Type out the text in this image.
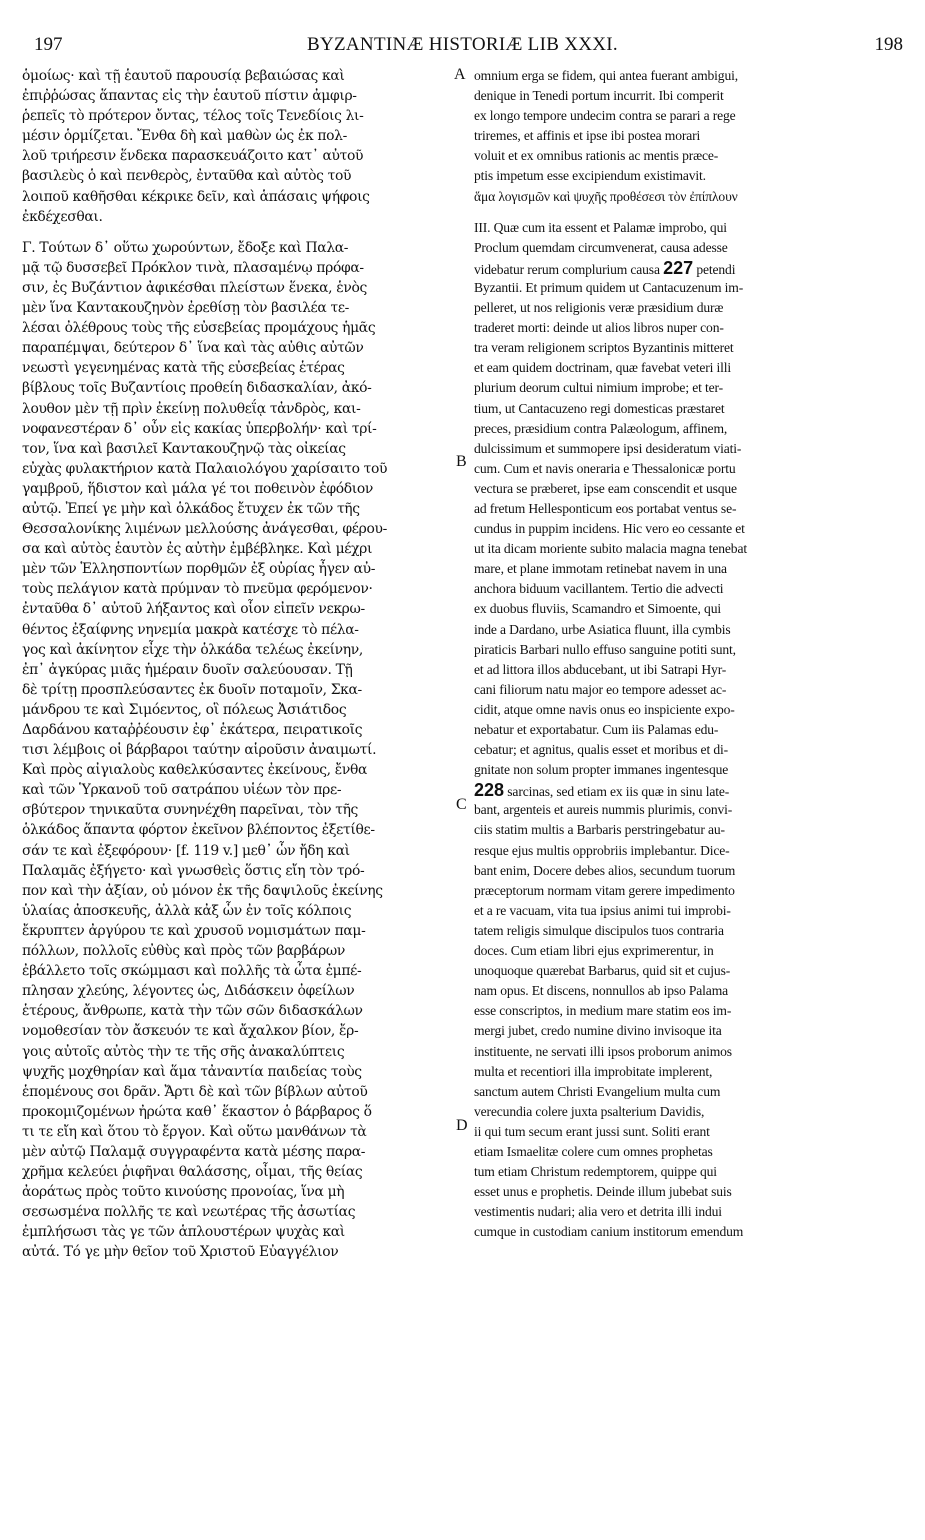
197	BYZANTINÆ HISTORIÆ LIB XXXI.	198
ὁμοίως· καὶ τῇ ἑαυτοῦ παρουσίᾳ βεβαιώσας καὶ
ἐπιῤῥώσας ἅπαντας εἰς τὴν ἑαυτοῦ πίστιν ἀμφιρ-
ῥεπεῖς τὸ πρότερον ὄντας, τέλος τοῖς Τενεδίοις λι-
μέσιν ὁρμίζεται. Ἔνθα δὴ καὶ μαθὼν ὡς ἐκ πολ-
λοῦ τριήρεσιν ἕνδεκα παρασκευάζοιτο κατ᾽ αὐτοῦ
βασιλεὺς ὁ καὶ πενθερὸς, ἐνταῦθα καὶ αὐτὸς τοῦ
λοιποῦ καθῆσθαι κέκρικε δεῖν, καὶ ἁπάσαις ψήφοις
ἐκδέχεσθαι.
Γ. Τούτων δ᾽ οὕτω χωρούντων, ἔδοξε καὶ Παλα-
μᾷ τῷ δυσσεβεῖ Πρόκλον τινὰ, πλασαμένῳ πρόφα-
σιν, ἐς Βυζάντιον ἀφικέσθαι πλείστων ἕνεκα, ἑνὸς
μὲν ἵνα Καντακουζηνὸν ἐρεθίσῃ τὸν βασιλέα τε-
λέσαι ὀλέθρους τοὺς τῆς εὐσεβείας προμάχους ἡμᾶς
παραπέμψαι, δεύτερον δ᾽ ἵνα καὶ τὰς αὐθις αὐτῶν
νεωστὶ γεγενημένας κατὰ τῆς εὐσεβείας ἑτέρας
βίβλους τοῖς Βυζαντίοις προθείη διδασκαλίαν, ἀκό-
λουθον μὲν τῇ πρὶν ἐκείνῃ πολυθεΐᾳ τἀνδρὸς, και-
νοφανεστέραν δ᾽ οὖν εἰς κακίας ὑπερβολήν· καὶ τρί-
τον, ἵνα καὶ βασιλεῖ Καντακουζηνῷ τὰς οἰκείας
εὐχὰς φυλακτήριον κατὰ Παλαιολόγου χαρίσαιτο τοῦ
γαμβροῦ, ἥδιστον καὶ μάλα γέ τοι ποθεινὸν ἐφόδιον
αὐτῷ. Ἐπεί γε μὴν καὶ ὁλκάδος ἔτυχεν ἐκ τῶν τῆς
Θεσσαλονίκης λιμένων μελλούσης ἀνάγεσθαι, φέρου-
σα καὶ αὐτὸς ἑαυτὸν ἐς αὐτὴν ἐμβέβληκε. Καὶ μέχρι
μὲν τῶν Ἑλλησποντίων πορθμῶν ἐξ οὐρίας ἦγεν αὐ-
τοὺς πελάγιον κατὰ πρύμναν τὸ πνεῦμα φερόμενον·
ἐνταῦθα δ᾽ αὐτοῦ λήξαντος καὶ οἷον εἰπεῖν νεκρω-
θέντος ἐξαίφνης νηνεμία μακρὰ κατέσχε τὸ πέλα-
γος καὶ ἀκίνητον εἶχε τὴν ὁλκάδα τελέως ἐκείνην,
ἐπ᾽ ἀγκύρας μιᾶς ἡμέραιν δυοῖν σαλεύουσαν. Τῇ
δὲ τρίτῃ προσπλεύσαντες ἐκ δυοῖν ποταμοῖν, Σκα-
μάνδρου τε καὶ Σιμόεντος, οἳ πόλεως Ἀσιάτιδος
Δαρδάνου καταῤῥέουσιν ἐφ᾽ ἑκάτερα, πειρατικοῖς
τισι λέμβοις οἱ βάρβαροι ταύτην αἱροῦσιν ἀναιμωτί.
Καὶ πρὸς αἰγιαλοὺς καθελκύσαντες ἐκείνους, ἔνθα
καὶ τῶν Ὑρκανοῦ τοῦ σατράπου υἱέων τὸν πρε-
σβύτερον τηνικαῦτα συνηνέχθη παρεῖναι, τὸν τῆς
ὁλκάδος ἅπαντα φόρτον ἐκεῖνον βλέποντος ἐξετίθε-
σάν τε καὶ ἐξεφόρουν· [f. 119 v.] μεθ᾽ ὧν ἤδη καὶ
Παλαμᾶς ἐξήγετο· καὶ γνωσθεὶς ὅστις εἴη τὸν τρό-
πον καὶ τὴν ἀξίαν, οὐ μόνον ἐκ τῆς δαψιλοῦς ἐκείνης
ὑλαίας ἀποσκευῆς, ἀλλὰ κἀξ ὧν ἐν τοῖς κόλποις
ἔκρυπτεν ἀργύρου τε καὶ χρυσοῦ νομισμάτων παμ-
πόλλων, πολλοῖς εὐθὺς καὶ πρὸς τῶν βαρβάρων
ἐβάλλετο τοῖς σκώμμασι καὶ πολλῆς τὰ ὦτα ἐμπέ-
πλησαν χλεύης, λέγοντες ὡς, Διδάσκειν ὀφείλων
ἑτέρους, ἄνθρωπε, κατὰ τὴν τῶν σῶν διδασκάλων
νομοθεσίαν τὸν ἄσκευόν τε καὶ ἄχαλκον βίον, ἔρ-
γοις αὐτοῖς αὐτὸς τὴν τε τῆς σῆς ἀνακαλύπτεις
ψυχῆς μοχθηρίαν καὶ ἅμα τἀναντία παιδείας τοὺς
ἑπομένους σοι δρᾶν. Ἄρτι δὲ καὶ τῶν βίβλων αὐτοῦ
προκομιζομένων ἠρώτα καθ᾽ ἕκαστον ὁ βάρβαρος ὅ
τι τε εἴη καὶ ὅτου τὸ ἔργον. Καὶ οὕτω μανθάνων τὰ
μὲν αὐτῷ Παλαμᾷ συγγραφέντα κατὰ μέσης παρα-
χρῆμα κελεύει ῥιφῆναι θαλάσσης, οἶμαι, τῆς θείας
ἀοράτως πρὸς τοῦτο κινούσης προνοίας, ἵνα μὴ
σεσωσμένα πολλῆς τε καὶ νεωτέρας τῆς ἀσωτίας
ἐμπλήσωσι τὰς γε τῶν ἁπλουστέρων ψυχὰς καὶ
αὐτά. Τό γε μὴν θεῖον τοῦ Χριστοῦ Εὐαγγέλιον
omnium erga se fidem, qui antea fuerant ambigui,
denique in Tenedi portum incurrit. Ibi comperit
ex longo tempore undecim contra se parari a rege
triremes, et affinis et ipse ibi postea morari
voluit et ex omnibus rationis ac mentis præce-
ptis impetum esse excipiendum existimavit.
ἅμα λογισμῶν καὶ ψυχῆς προθέσεσι τὸν ἐπίπλουν
III. Quæ cum ita essent et Palamæ improbo, qui
Proclum quemdam circumvenerat, causa adesse
videbatur rerum complurium causa 227 petendi
Byzantii. Et primum quidem ut Cantacuzenum im-
pelleret, ut nos religionis veræ præsidium duræ
traderet morti: deinde ut alios libros nuper con-
tra veram religionem scriptos Byzantinis mitteret
et eam quidem doctrinam, quæ favebat veteri illi
plurium deorum cultui nimium improbe; et ter-
tium, ut Cantacuzeno regi domesticas præstaret
preces, præsidium contra Palæologum, affinem,
dulcissimum et summopere ipsi desideratum viati-
cum. Cum et navis oneraria e Thessalonicæ portu
vectura se præberet, ipse eam conscendit et usque
ad fretum Hellesponticum eos portabat ventus se-
cundus in puppim incidens. Hic vero eo cessante et
ut ita dicam moriente subito malacia magna tenebat
mare, et plane immotam retinebat navem in una
anchora biduum vacillantem. Tertio die advecti
ex duobus fluviis, Scamandro et Simoente, qui
inde a Dardano, urbe Asiatica fluunt, illa cymbis
piraticis Barbari nullo effuso sanguine potiti sunt,
et ad littora illos abducebant, ut ibi Satrapi Hyr-
cani filiorum natu major eo tempore adesset ac-
cidit, atque omne navis onus eo inspiciente expo-
nebatur et exportabatur. Cum iis Palamas edu-
cebatur; et agnitus, qualis esset et moribus et di-
gnitate non solum propter immanes ingentesque
228 sarcinas, sed etiam ex iis quæ in sinu late-
bant, argenteis et aureis nummis plurimis, convi-
ciis statim multis a Barbaris perstringebatur au-
resque ejus multis opprobriis implebantur. Dice-
bant enim, Docere debes alios, secundum tuorum
præceptorum normam vitam gerere impedimento
et a re vacuam, vita tua ipsius animi tui improbi-
tatem religis simulque discipulos tuos contraria
doces. Cum etiam libri ejus exprimerentur, in
unoquoque quærebat Barbarus, quid sit et cujus-
nam opus. Et discens, nonnullos ab ipso Palama
esse conscriptos, in medium mare statim eos im-
mergi jubet, credo numine divino invisoque ita
instituente, ne servati illi ipsos proborum animos
multa et recentiori illa improbitate implerent,
sanctum autem Christi Evangelium multa cum
verecundia colere juxta psalterium Davidis,
ii qui tum secum erant jussi sunt. Soliti erant
etiam Ismaelitæ colere cum omnes prophetas
tum etiam Christum redemptorem, quippe qui
esset unus e prophetis. Deinde illum jubebat suis
vestimentis nudari; alia vero et detrita illi indui
cumque in custodiam canium institorum emendum
A
B
C
D
